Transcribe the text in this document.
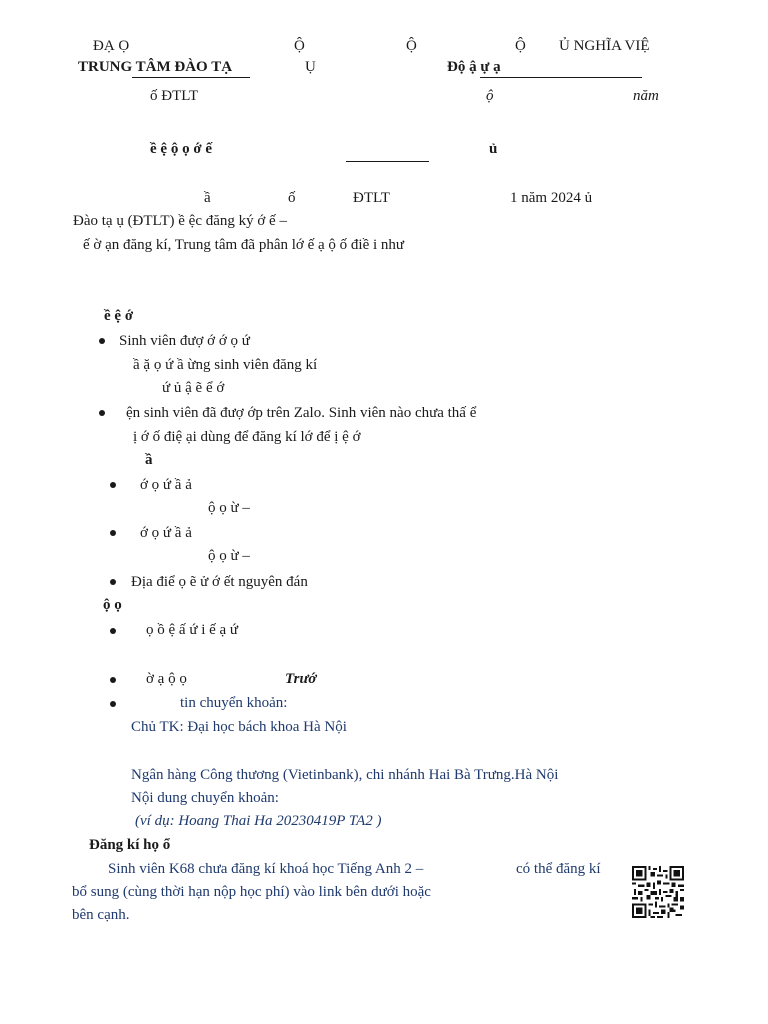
ĐẠ Ọ	Ộ	Ộ	Ộ Ủ NGHĨA VIỆ
TRUNG TÂM ĐÀO TẠ	Ụ	Độ ậ ự ạ
ố ĐTLT	ộ	năm
ề ệ ộ ọ ớ ế	ủ
ầ	ố	ĐTLT	1 năm 2024 ủ
Đào tạ ụ (ĐTLT) ề ệc đăng ký ớ ế –
ế ờ ạn đăng kí, Trung tâm đã phân lớ ế ạ ộ ố điề i như
ề ệ ớ
Sinh viên đượ ớ ớ ọ ứ
ầ ặ ọ ứ ầ ừng sinh viên đăng kí
ứ ủ ậ ẽ ể ớ
ện sinh viên đã đượ ớp trên Zalo. Sinh viên nào chưa thấ ể
ị ớ ố điệ ại dùng để đăng kí lớ để ị ệ ớ
ầ
ớ ọ ứ ầ ả
ộ ọ ừ –
ớ ọ ứ ầ ả
ộ ọ ừ –
Địa điể ọ ẽ ử ớ ết nguyên đán
ộ ọ
ọ ồ ệ ấ ứ i ế ạ ứ
ờ ạ ộ ọ	Trướ
tin chuyển khoản:
Chủ TK: Đại học bách khoa Hà Nội
Ngân hàng Công thương (Vietinbank), chi nhánh Hai Bà Trưng.Hà Nội
Nội dung chuyển khoản:
(ví dụ: Hoang Thai Ha 20230419P TA2 )
Đăng kí họ ổ
Sinh viên K68 chưa đăng kí khoá học Tiếng Anh 2 –	có thể đăng kí
bổ sung (cùng thời hạn nộp học phí) vào link bên dưới hoặc
bên cạnh.
